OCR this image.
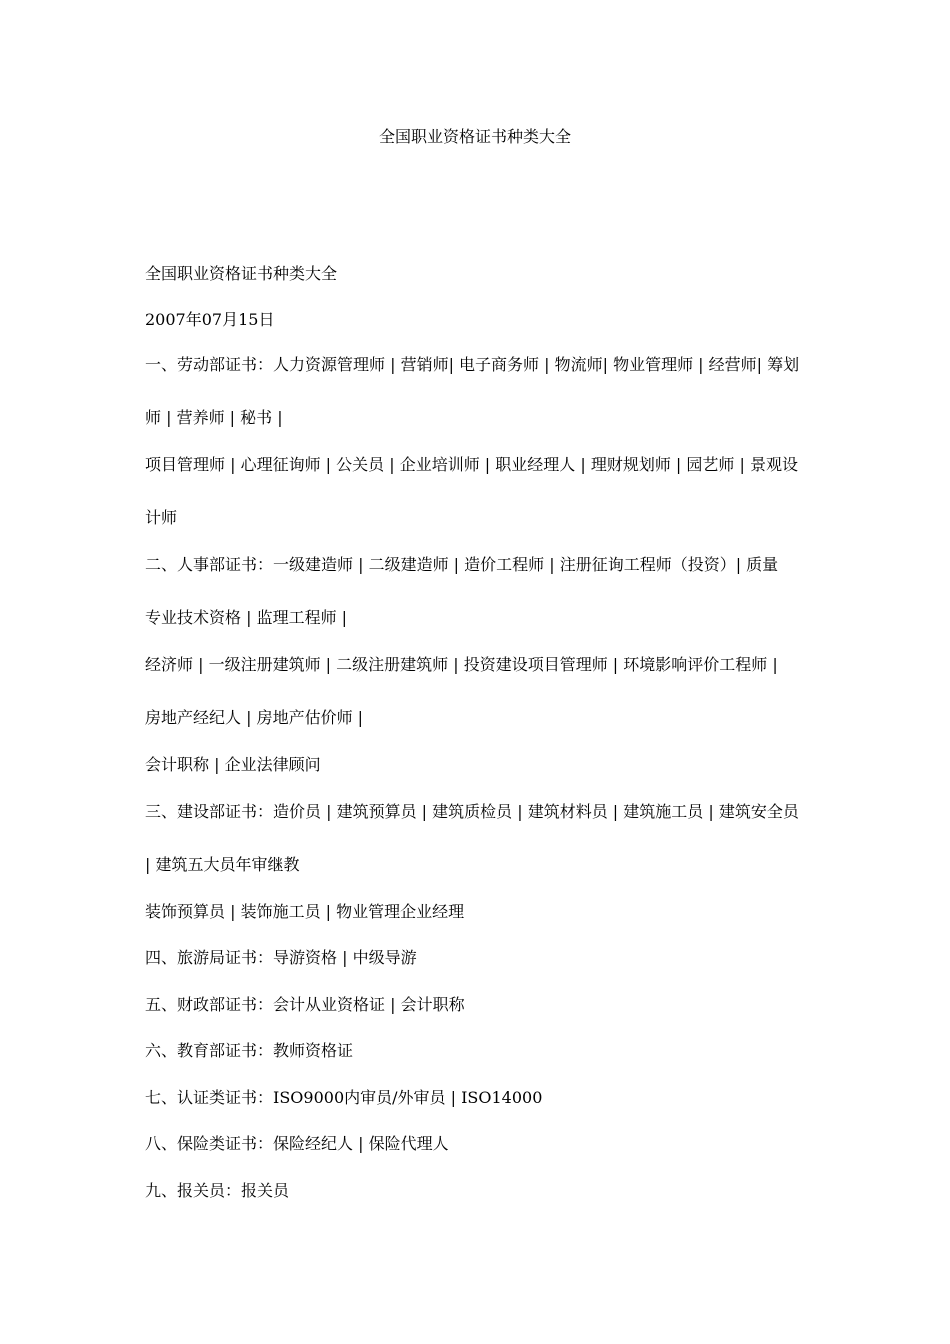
全国职业资格证书种类大全
全国职业资格证书种类大全
2007年07月15日
一、劳动部证书：人力资源管理师 | 营销师| 电子商务师 | 物流师| 物业管理师 | 经营师| 筹划
师 | 营养师 | 秘书 |
项目管理师 | 心理征询师 | 公关员 | 企业培训师 | 职业经理人 | 理财规划师 | 园艺师 | 景观设
计师
二、人事部证书：一级建造师 | 二级建造师 | 造价工程师 | 注册征询工程师（投资）| 质量
专业技术资格 | 监理工程师 |
经济师 | 一级注册建筑师 | 二级注册建筑师 | 投资建设项目管理师 | 环境影响评价工程师 |
房地产经纪人 | 房地产估价师 |
会计职称 | 企业法律顾问
三、建设部证书：造价员 | 建筑预算员 | 建筑质检员 | 建筑材料员 | 建筑施工员 | 建筑安全员
| 建筑五大员年审继教
装饰预算员 | 装饰施工员 | 物业管理企业经理
四、旅游局证书：导游资格 | 中级导游
五、财政部证书：会计从业资格证 | 会计职称
六、教育部证书：教师资格证
七、认证类证书：ISO9000内审员/外审员 | ISO14000
八、保险类证书：保险经纪人 | 保险代理人
九、报关员：报关员
